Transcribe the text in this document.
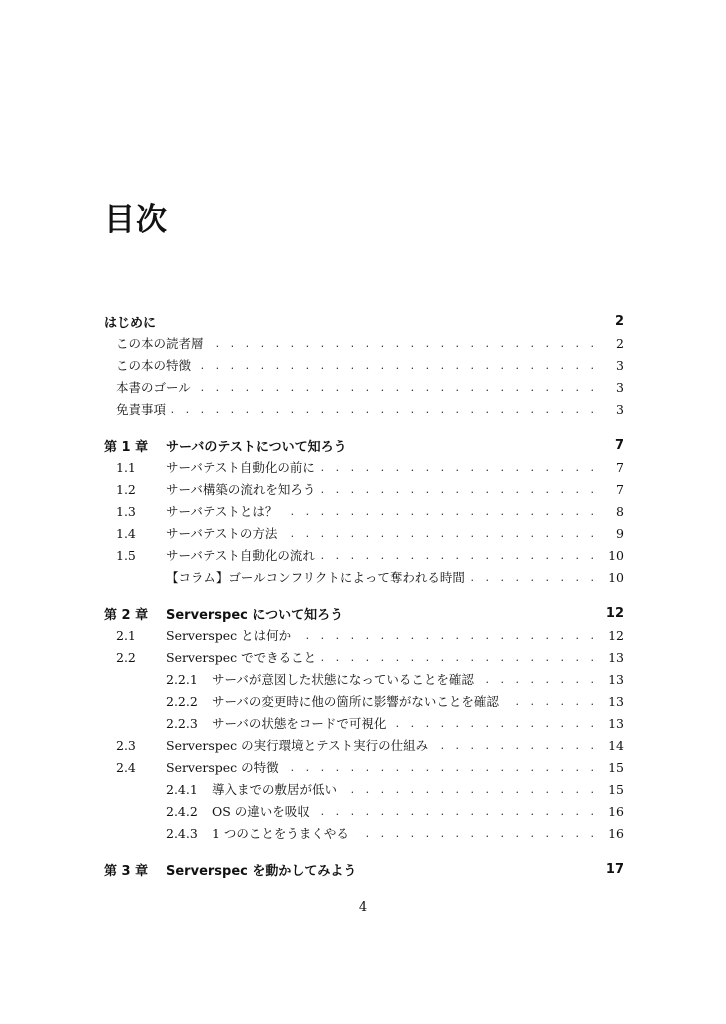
目次
はじめに	2
この本の読者層 . . .	2
この本の特徴 . . .	3
本書のゴール . . .	3
免責事項 . . .	3
第 1 章	サーバのテストについて知ろう	7
1.1	サーバテスト自動化の前に . . .	7
1.2	サーバ構築の流れを知ろう . . .	7
1.3	サーバテストとは？ . . .	8
1.4	サーバテストの方法 . . .	9
1.5	サーバテスト自動化の流れ . . .	10
【コラム】ゴールコンフリクトによって奪われる時間 . . .	10
第 2 章	Serverspec について知ろう	12
2.1	Serverspec とは何か . . .	12
2.2	Serverspec でできること . . .	13
2.2.1	サーバが意図した状態になっていることを確認 . . .	13
2.2.2	サーバの変更時に他の箇所に影響がないことを確認 . . .	13
2.2.3	サーバの状態をコードで可視化 . . .	13
2.3	Serverspec の実行環境とテスト実行の仕組み . . .	14
2.4	Serverspec の特徴 . . .	15
2.4.1	導入までの敷居が低い . . .	15
2.4.2	OS の違いを吸収 . . .	16
2.4.3	1 つのことをうまくやる . . .	16
第 3 章	Serverspec を動かしてみよう	17
4
